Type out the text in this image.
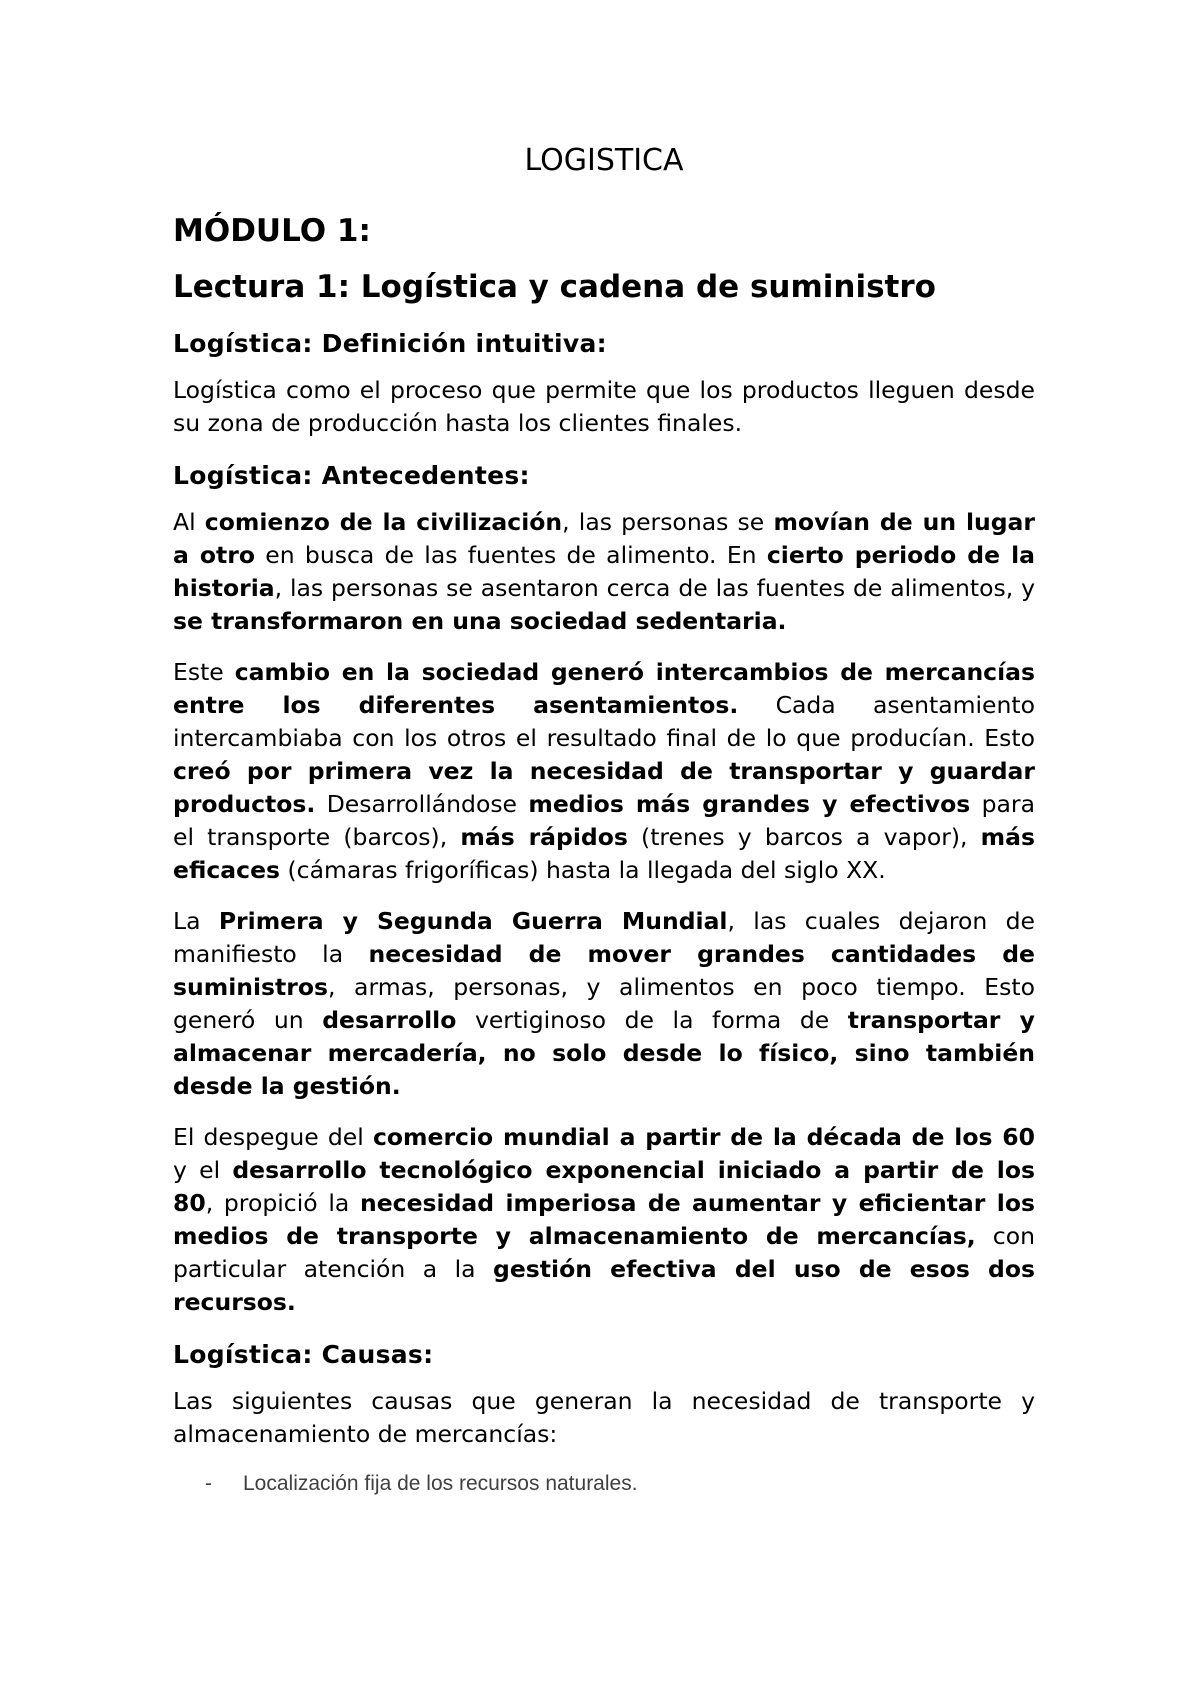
LOGISTICA
MÓDULO 1:
Lectura 1: Logística y cadena de suministro
Logística: Definición intuitiva:

Logística como el proceso que permite que los productos lleguen desde su zona de producción hasta los clientes finales.

Logística: Antecedentes:

Al comienzo de la civilización, las personas se movían de un lugar a otro en busca de las fuentes de alimento. En cierto periodo de la historia, las personas se asentaron cerca de las fuentes de alimentos, y se transformaron en una sociedad sedentaria.

Este cambio en la sociedad generó intercambios de mercancías entre los diferentes asentamientos. Cada asentamiento intercambiaba con los otros el resultado final de lo que producían. Esto creó por primera vez la necesidad de transportar y guardar productos. Desarrollándose medios más grandes y efectivos para el transporte (barcos), más rápidos (trenes y barcos a vapor), más eficaces (cámaras frigoríficas) hasta la llegada del siglo XX.

La Primera y Segunda Guerra Mundial, las cuales dejaron de manifiesto la necesidad de mover grandes cantidades de suministros, armas, personas, y alimentos en poco tiempo. Esto generó un desarrollo vertiginoso de la forma de transportar y almacenar mercadería, no solo desde lo físico, sino también desde la gestión.

El despegue del comercio mundial a partir de la década de los 60 y el desarrollo tecnológico exponencial iniciado a partir de los 80, propició la necesidad imperiosa de aumentar y eficientar los medios de transporte y almacenamiento de mercancías, con particular atención a la gestión efectiva del uso de esos dos recursos.

Logística: Causas:

Las siguientes causas que generan la necesidad de transporte y almacenamiento de mercancías:

- Localización fija de los recursos naturales.
